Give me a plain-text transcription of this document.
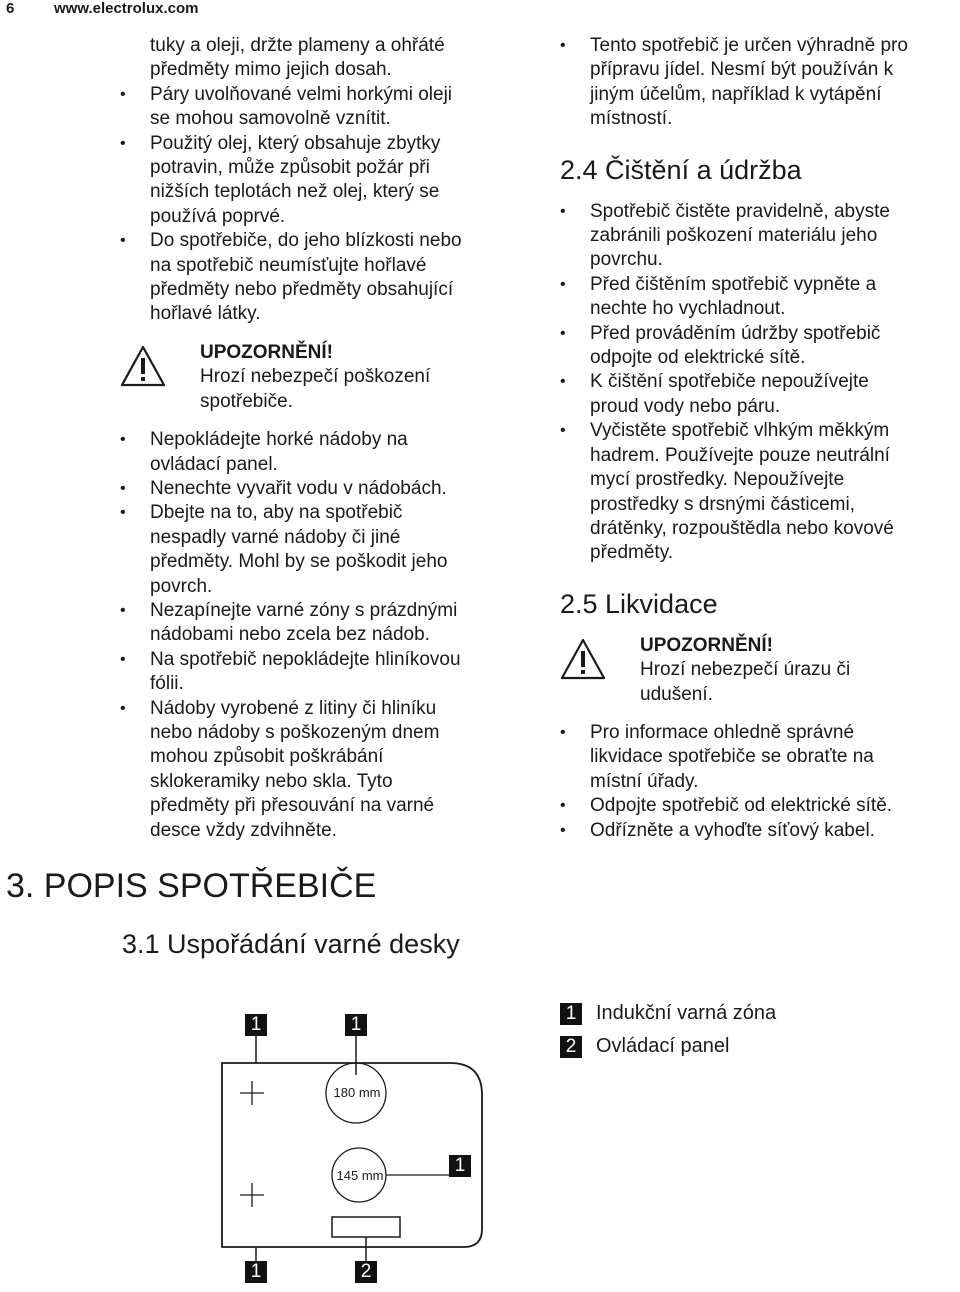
6	www.electrolux.com

tuky a oleji, držte plameny a ohřáté

předměty mimo jejich dosah.

• Páry uvolňované velmi horkými oleji
se mohou samovolně vznítit.
• Použitý olej, který obsahuje zbytky
potravin, může způsobit požár při
nižších teplotách než olej, který se
používá poprvé.
• Do spotřebiče, do jeho blízkosti nebo
na spotřebič neumísťujte hořlavé
předměty nebo předměty obsahující
hořlavé látky.
UPOZORNĚNÍ!
Hrozí nebezpečí poškození
spotřebiče.
• Nepokládejte horké nádoby na
ovládací panel.
• Nenechte vyvařit vodu v nádobách.
• Dbejte na to, aby na spotřebič
nespadly varné nádoby či jiné
předměty. Mohl by se poškodit jeho
povrch.
• Nezapínejte varné zóny s prázdnými
nádobami nebo zcela bez nádob.
• Na spotřebič nepokládejte hliníkovou
fólii.
• Nádoby vyrobené z litiny či hliníku
nebo nádoby s poškozeným dnem
mohou způsobit poškrábání
sklokeramiky nebo skla. Tyto
předměty při přesouvání na varné
desce vždy zdvihněte.
• Tento spotřebič je určen výhradně pro
přípravu jídel. Nesmí být používán k
jiným účelům, například k vytápění
místností.
2.4 Čištění a údržba
• Spotřebič čistěte pravidelně, abyste
zabránili poškození materiálu jeho
povrchu.
• Před čištěním spotřebič vypněte a
nechte ho vychladnout.
• Před prováděním údržby spotřebič
odpojte od elektrické sítě.
• K čištění spotřebiče nepoužívejte
proud vody nebo páru.
• Vyčistěte spotřebič vlhkým měkkým
hadrem. Používejte pouze neutrální
mycí prostředky. Nepoužívejte
prostředky s drsnými částicemi,
drátěnky, rozpouštědla nebo kovové
předměty.
2.5 Likvidace
UPOZORNĚNÍ!
Hrozí nebezpečí úrazu či
udušení.
• Pro informace ohledně správné
likvidace spotřebiče se obraťte na
místní úřady.
• Odpojte spotřebič od elektrické sítě.
• Odřízněte a vyhoďte síťový kabel.
3. POPIS SPOTŘEBIČE
3.1 Uspořádání varné desky
1	1
1
1	2
180 mm
145 mm
1 Indukční varná zóna
2 Ovládací panel
